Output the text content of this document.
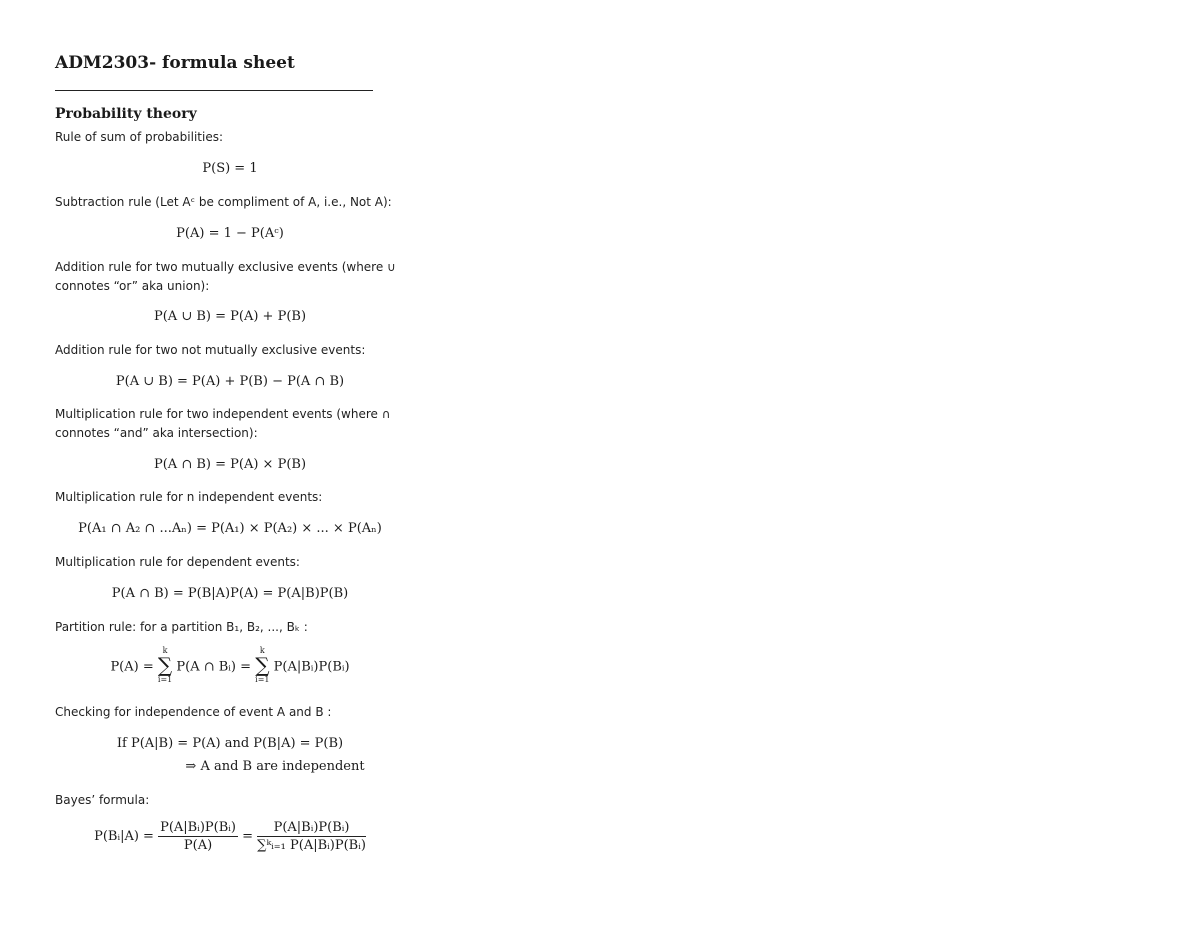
ADM2303- formula sheet
Probability theory
Rule of sum of probabilities:
P(S) = 1
Subtraction rule (Let Aᶜ be compliment of A, i.e., Not A):
P(A) = 1 − P(Aᶜ)
Addition rule for two mutually exclusive events (where ∪
connotes “or” aka union):
P(A ∪ B) = P(A) + P(B)
Addition rule for two not mutually exclusive events:
P(A ∪ B) = P(A) + P(B) − P(A ∩ B)
Multiplication rule for two independent events (where ∩
connotes “and” aka intersection):
P(A ∩ B) = P(A) × P(B)
Multiplication rule for n independent events:
P(A₁ ∩ A₂ ∩ ...Aₙ) = P(A₁) × P(A₂) × ... × P(Aₙ)
Multiplication rule for dependent events:
P(A ∩ B) = P(B|A)P(A) = P(A|B)P(B)
Partition rule: for a partition B₁, B₂, ..., Bₖ :
P(A) =
k
∑
i=1
P(A ∩ Bᵢ) =
k
∑
i=1
P(A|Bᵢ)P(Bᵢ)
Checking for independence of event A and B :
If P(A|B) = P(A) and P(B|A) = P(B)
⇒ A and B are independent
Bayes’ formula:
P(Bᵢ|A) = $\frac{\text{P(A|Bᵢ)P(Bᵢ)}}{P(A)} = \frac{\text{P(A|Bᵢ)P(Bᵢ)}}{\text{∑ᵏᵢ₌₁ P(A|Bᵢ)P(Bᵢ)}}$
